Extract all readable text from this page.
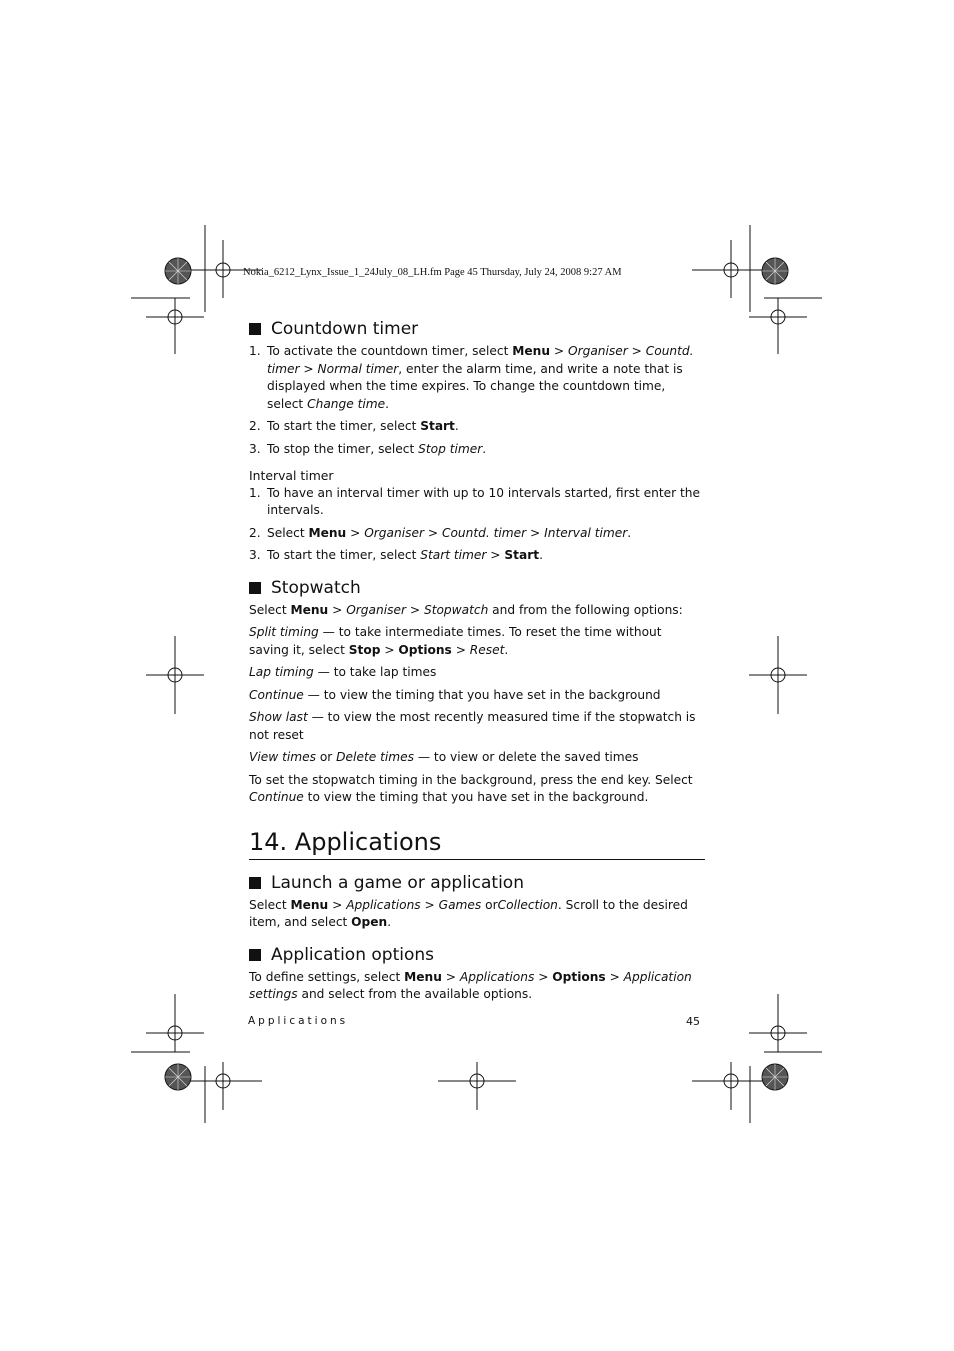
Nokia_6212_Lynx_Issue_1_24July_08_LH.fm Page 45 Thursday, July 24, 2008 9:27 AM
Countdown timer
1. To activate the countdown timer, select Menu > Organiser > Countd. timer > Normal timer, enter the alarm time, and write a note that is displayed when the time expires. To change the countdown time, select Change time.
2. To start the timer, select Start.
3. To stop the timer, select Stop timer.
Interval timer
1. To have an interval timer with up to 10 intervals started, first enter the intervals.
2. Select Menu > Organiser > Countd. timer > Interval timer.
3. To start the timer, select Start timer > Start.
Stopwatch

Select Menu > Organiser > Stopwatch and from the following options:

Split timing — to take intermediate times. To reset the time without saving it, select Stop > Options > Reset.

Lap timing — to take lap times

Continue — to view the timing that you have set in the background

Show last — to view the most recently measured time if the stopwatch is not reset

View times or Delete times — to view or delete the saved times

To set the stopwatch timing in the background, press the end key. Select Continue to view the timing that you have set in the background.

14. Applications
Launch a game or application

Select Menu > Applications > Games orCollection. Scroll to the desired item, and select Open.

Application options

To define settings, select Menu > Applications > Options > Application settings and select from the available options.

Applications	45
